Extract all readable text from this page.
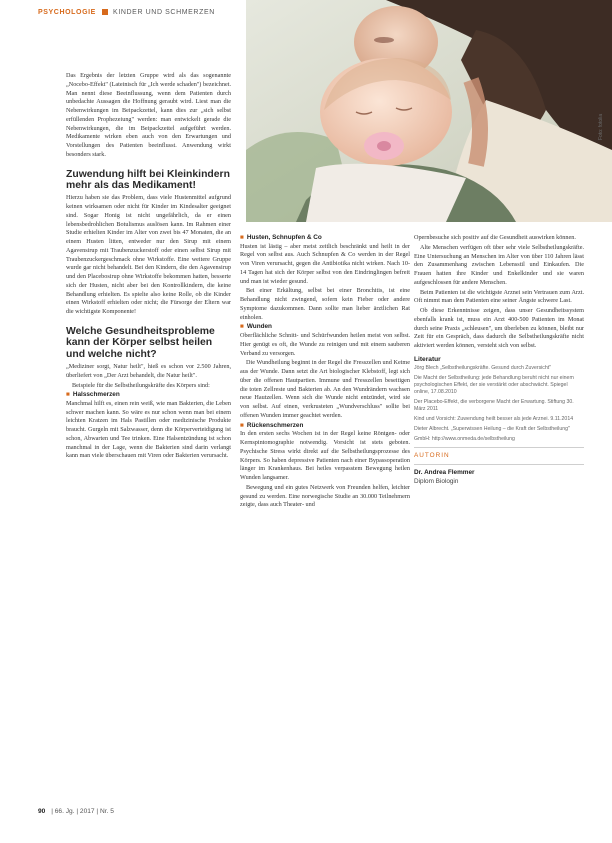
PSYCHOLOGIE KINDER UND SCHMERZEN
Foto: fotolia

Das Ergebnis der letzten Gruppe wird als das sogenannte „Nocebo-Effekt" (Lateinisch für „Ich werde schaden") bezeichnet. Man nennt diese Beeinflussung, wenn dem Patienten durch unbedachte Aussagen die Hoffnung geraubt wird. Liest man die Nebenwirkungen im Beipackzettel, kann dies zur „sich selbst erfüllenden Prophezeiung" werden: man entwickelt gerade die Nebenwirkungen, die im Beipackzettel aufgeführt werden. Medikamente wirken eben auch von den Erwartungen und Vorstellungen des Patienten beeinflusst. Anwendung wirkt besonders stark.

Zuwendung hilft bei Kleinkindern mehr als das Medikament!

Hierzu haben sie das Problem, dass viele Hustenmittel aufgrund keinen wirksamen oder nicht für Kinder im Kindesalter geeignet sind. Sogar Honig ist nicht ungefährlich, da er einen lebensbedrohlichen Botulismus auslösen kann. Im Rahmen einer Studie erhielten Kinder im Alter von zwei bis 47 Monaten, die an einem Husten litten, entweder nur den Sirup mit einem Agavensirup mit Traubenzuckerstoff oder einen selbst Sirup mit Traubenzuckergeschmack ohne Wirkstoffe. Eine weitere Gruppe wurde gar nicht behandelt. Bei den Kindern, die den Agavensirup und den Placebosirup ohne Wirkstoffe bekommen hatten, besserte sich der Husten, nicht aber bei den Kontrollkindern, die keine Behandlung erhielten. Es spielte also keine Rolle, ob die Kinder einen Wirkstoff erhielten oder nicht; die Fürsorge der Eltern war die wichtigste Komponente!

Welche Gesundheitsprobleme kann der Körper selbst heilen und welche nicht?

„Mediziner sorgt, Natur heilt", hieß es schon vor 2.500 Jahren, überliefert von „Der Arzt behandelt, die Natur heilt".

Beispiele für die Selbstheilungskräfte des Körpers sind:

■ Halsschmerzen

Manchmal hilft es, einen rein weiß, wie man Bakterien, die Leben schwer machen kann. So wäre es nur schon wenn man bei einem leichten Kratzen im Hals Pastillen oder medizinische Produkte braucht. Gurgeln mit Salzwasser, denn die Körperverteidigung ist schon, Abwarten und Tee trinken. Eine Halsentzündung ist schon manchmal in der Lage, wenn die Bakterien sind darin verlangt kann man viele überschauen mit Viren oder Bakterien verursacht.

■ Husten, Schnupfen & Co

Husten ist lästig – aber meist zeitlich beschränkt und heilt in der Regel von selbst aus. Auch Schnupfen & Co werden in der Regel von Viren verursacht, gegen die Antibiotika nicht wirken. Nach 10-14 Tagen hat sich der Körper selbst von den Eindringlingen befreit und man ist wieder gesund.

Bei einer Erkältung, selbst bei einer Bronchitis, ist eine Behandlung nicht zwingend, sofern kein Fieber oder andere Symptome dazukommen. Dann sollte man lieber ärztlichen Rat einholen.

■ Wunden

Oberflächliche Schnitt- und Schürfwunden heilen meist von selbst. Hier genügt es oft, die Wunde zu reinigen und mit einem sauberen Verband zu versorgen.

Die Wundheilung beginnt in der Regel die Fresszellen und Keime aus der Wunde. Dann setzt die Art biologischer Klebstoff, legt sich über die offenen Hautpartien. Immune und Fresszellen beseitigen die toten Zellreste und Bakterien ab. An den Wundrändern wachsen neue Hautzellen. Wenn sich die Wunde nicht entzündet, wird sie von selbst. Auf einen, verkrusteten „Wundverschluss" sollte bei offenen Wunden immer geachtet werden.

■ Rückenschmerzen

In den ersten sechs Wochen ist in der Regel keine Röntgen- oder Kernspintomographie notwendig. Vorsicht ist stets geboten. Psychische Stress wirkt direkt auf die Selbstheilungsprozesse des Körpers. So haben depressive Patienten nach einer Bypassoperation länger im Krankenhaus. Bei heiles verpasstem Bewegung heilen Wunden langsamer.

Bewegung und ein gutes Netzwerk von Freunden helfen, leichter gesund zu werden. Eine norwegische Studie an 30.000 Teilnehmern zeigte, dass auch Theater- und

Opernbesuche sich positiv auf die Gesundheit auswirken können.

Alte Menschen verfügen oft über sehr viele Selbstheilungskräfte. Eine Untersuchung an Menschen im Alter von über 110 Jahren lässt den Zusammenhang zwischen Lebensstil und Einkaufen. Die Frauen hatten ihre Kinder und Enkelkinder und sie waren aufgeschlossen für andere Menschen.

Beim Patienten ist die wichtigste Arznei sein Vertrauen zum Arzt. Oft nimmt man dem Patienten eine seiner Ängste schwere Last.

Ob diese Erkenntnisse zeigen, dass unser Gesundheitssystem ebenfalls krank ist, muss ein Arzt 400-500 Patienten im Monat durch seine Praxis „schleusen", um überleben zu können, bleibt nur Zeit für ein Gespräch, dass dadurch die Selbstheilungskräfte nicht aktiviert werden können, versteht sich von selbst.

Literatur
Jörg Blech „Selbstheilungskräfte. Gesund durch Zuversicht"
Die Macht der Selbstheilung: jede Behandlung beruht nicht nur einem psychologischen Effekt, der sie verstärkt oder abschwächt. Spiegel online, 17.08.2010
Der Placebo-Effekt, die verborgene Macht der Erwartung. Stiftung 30. März 2011
Kind und Vorsicht: Zuwendung heilt besser als jede Arznei. 9.11.2014
Dieter Albrecht. „Superwissen Heilung – die Kraft der Selbstheilung"
GmbH: http://www.onmeda.de/selbstheilung
AUTORIN
Dr. Andrea Flemmer
Diplom Biologin
90 | 66. Jg. | 2017 | Nr. 5
